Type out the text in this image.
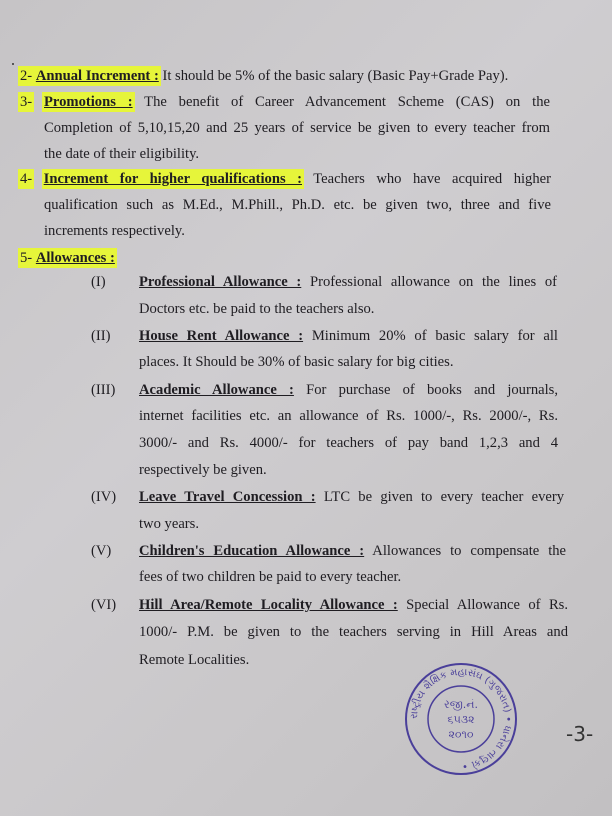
2- Annual Increment : It should be 5% of the basic salary (Basic Pay+Grade Pay).
3- Promotions : The benefit of Career Advancement Scheme (CAS) on the
Completion of 5,10,15,20 and 25 years of service be given to every teacher from
the date of their eligibility.
4- Increment for higher qualifications : Teachers who have acquired higher
qualification such as M.Ed., M.Phill., Ph.D. etc. be given two, three and five
increments respectively.
5- Allowances :
(I) Professional Allowance : Professional allowance on the lines of
Doctors etc. be paid to the teachers also.
(II) House Rent Allowance : Minimum 20% of basic salary for all
places. It Should be 30% of basic salary for big cities.
(III) Academic Allowance : For purchase of books and journals,
internet facilities etc. an allowance of Rs. 1000/-, Rs. 2000/-, Rs.
3000/- and Rs. 4000/- for teachers of pay band 1,2,3 and 4
respectively be given.
(IV) Leave Travel Concession : LTC be given to every teacher every
two years.
(V) Children's Education Allowance : Allowances to compensate the
fees of two children be paid to every teacher.
(VI) Hill Area/Remote Locality Allowance : Special Allowance of Rs.
1000/- P.M. be given to the teachers serving in Hill Areas and
Remote Localities.
રાષ્ટ્રીય શૈક્ષિક મહાસંઘ (ગુજરાત) • ધાનેરા તાલુકો •
રજી.નં.
૬૫૩૨
૨૦૧૦	-3-
